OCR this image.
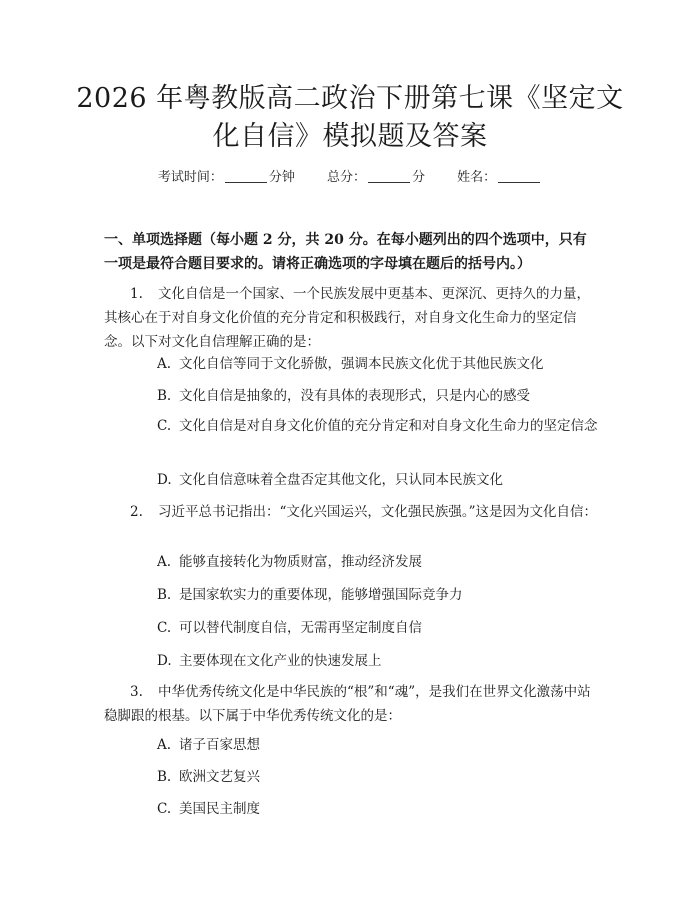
2026 年粤教版高二政治下册第七课《坚定文
化自信》模拟题及答案
考试时间：	分钟 总分：	分 姓名：

一、单项选择题（每小题 2 分，共 20 分。在每小题列出的四个选项中，只有一项是最符合题目要求的。请将正确选项的字母填在题后的括号内。）

1. 文化自信是一个国家、一个民族发展中更基本、更深沉、更持久的力量，其核心在于对自身文化价值的充分肯定和积极践行，对自身文化生命力的坚定信念。以下对文化自信理解正确的是：

A. 文化自信等同于文化骄傲，强调本民族文化优于其他民族文化

B. 文化自信是抽象的，没有具体的表现形式，只是内心的感受

C. 文化自信是对自身文化价值的充分肯定和对自身文化生命力的坚定信念

D. 文化自信意味着全盘否定其他文化，只认同本民族文化

2. 习近平总书记指出：“文化兴国运兴，文化强民族强。”这是因为文化自信：

A. 能够直接转化为物质财富，推动经济发展

B. 是国家软实力的重要体现，能够增强国际竞争力

C. 可以替代制度自信，无需再坚定制度自信

D. 主要体现在文化产业的快速发展上

3. 中华优秀传统文化是中华民族的“根”和“魂”，是我们在世界文化激荡中站稳脚跟的根基。以下属于中华优秀传统文化的是：

A. 诸子百家思想

B. 欧洲文艺复兴

C. 美国民主制度
